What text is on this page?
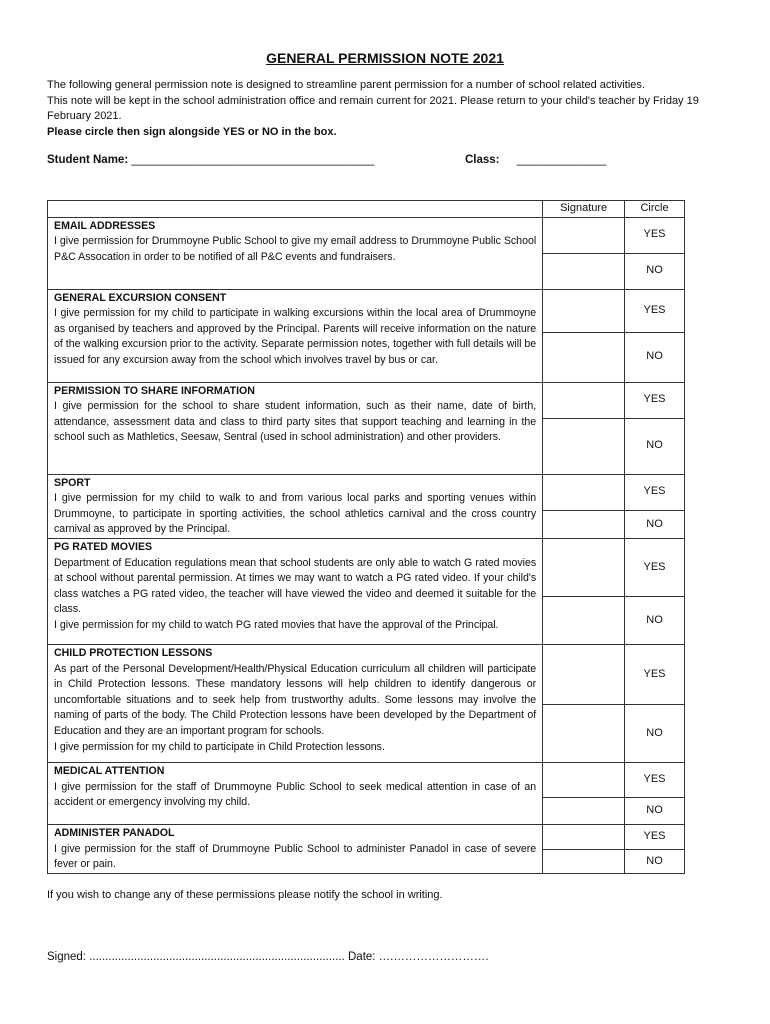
GENERAL PERMISSION NOTE 2021
The following general permission note is designed to streamline parent permission for a number of school related activities.
This note will be kept in the school administration office and remain current for 2021. Please return to your child's teacher by Friday 19 February 2021.
Please circle then sign alongside YES or NO in the box.
Student Name: ______________________________________	Class: ______________
	Signature	Circle

EMAIL ADDRESSES
I give permission for Drummoyne Public School to give my email address to Drummoyne Public School P&C Assocation in order to be notified of all P&C events and fundraisers.		YES
		NO

GENERAL EXCURSION CONSENT
I give permission for my child to participate in walking excursions within the local area of Drummoyne as organised by teachers and approved by the Principal. Parents will receive information on the nature of the walking excursion prior to the activity. Separate permission notes, together with full details will be issued for any excursion away from the school which involves travel by bus or car.		YES
		NO

PERMISSION TO SHARE INFORMATION
I give permission for the school to share student information, such as their name, date of birth, attendance, assessment data and class to third party sites that support teaching and learning in the school such as Mathletics, Seesaw, Sentral (used in school administration) and other providers.		YES
		NO

SPORT
I give permission for my child to walk to and from various local parks and sporting venues within Drummoyne, to participate in sporting activities, the school athletics carnival and the cross country carnival as approved by the Principal.		YES
		NO

PG RATED MOVIES
Department of Education regulations mean that school students are only able to watch G rated movies at school without parental permission. At times we may want to watch a PG rated video. If your child's class watches a PG rated video, the teacher will have viewed the video and deemed it suitable for the class.
I give permission for my child to watch PG rated movies that have the approval of the Principal.		YES
		NO

CHILD PROTECTION LESSONS
As part of the Personal Development/Health/Physical Education curriculum all children will participate in Child Protection lessons. These mandatory lessons will help children to identify dangerous or uncomfortable situations and to seek help from trustworthy adults. Some lessons may involve the naming of parts of the body. The Child Protection lessons have been developed by the Department of Education and they are an important program for schools.
I give permission for my child to participate in Child Protection lessons.		YES
		NO

MEDICAL ATTENTION
I give permission for the staff of Drummoyne Public School to seek medical attention in case of an accident or emergency involving my child.		YES
		NO

ADMINISTER PANADOL
I give permission for the staff of Drummoyne Public School to administer Panadol in case of severe fever or pain.		YES
		NO
If you wish to change any of these permissions please notify the school in writing.
Signed: ................................................................................ Date: ….…………………….
